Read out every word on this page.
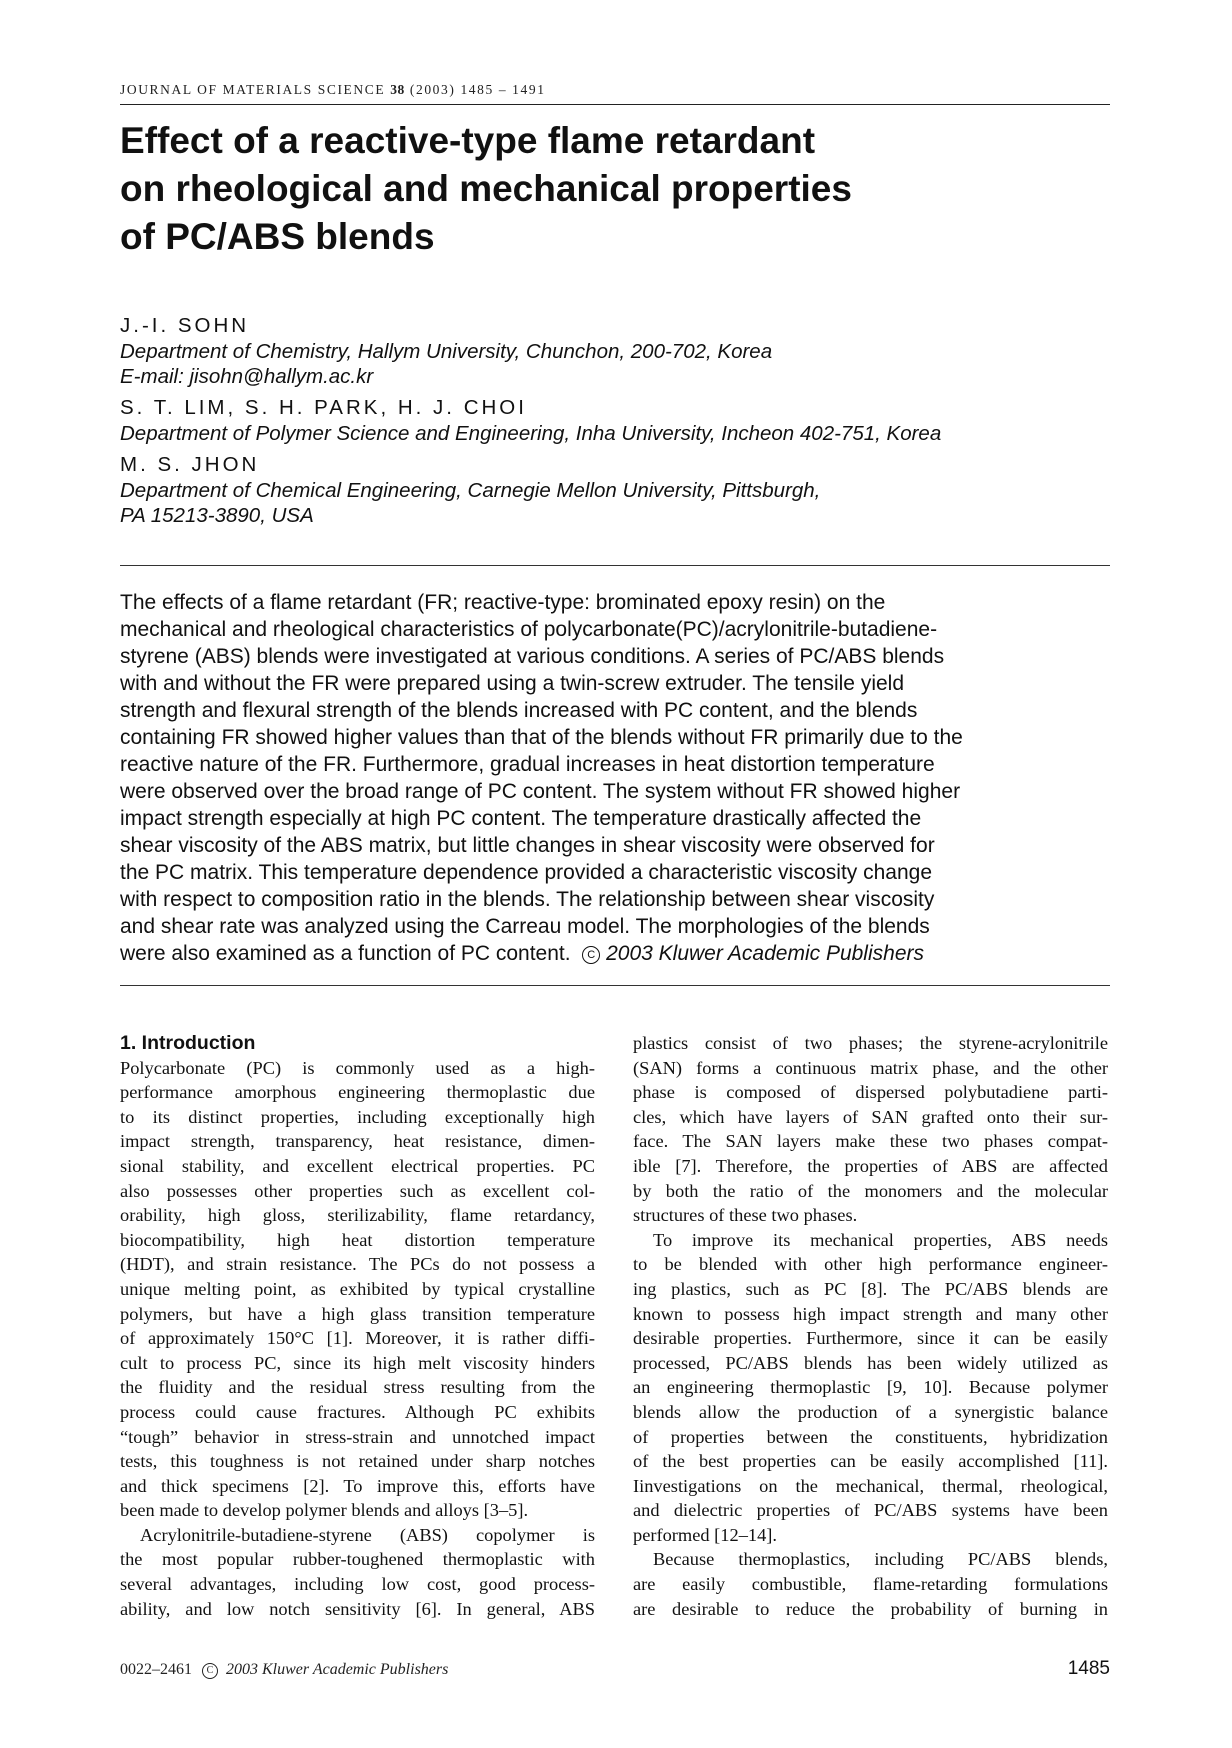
JOURNAL OF MATERIALS SCIENCE 38 (2003) 1485 – 1491
Effect of a reactive-type flame retardant
on rheological and mechanical properties
of PC/ABS blends
J.-I. SOHN
Department of Chemistry, Hallym University, Chunchon, 200-702, Korea
E-mail: jisohn@hallym.ac.kr
S. T. LIM, S. H. PARK, H. J. CHOI
Department of Polymer Science and Engineering, Inha University, Incheon 402-751, Korea
M. S. JHON
Department of Chemical Engineering, Carnegie Mellon University, Pittsburgh,
PA 15213-3890, USA
The effects of a flame retardant (FR; reactive-type: brominated epoxy resin) on the
mechanical and rheological characteristics of polycarbonate(PC)/acrylonitrile-butadiene-
styrene (ABS) blends were investigated at various conditions. A series of PC/ABS blends
with and without the FR were prepared using a twin-screw extruder. The tensile yield
strength and flexural strength of the blends increased with PC content, and the blends
containing FR showed higher values than that of the blends without FR primarily due to the
reactive nature of the FR. Furthermore, gradual increases in heat distortion temperature
were observed over the broad range of PC content. The system without FR showed higher
impact strength especially at high PC content. The temperature drastically affected the
shear viscosity of the ABS matrix, but little changes in shear viscosity were observed for
the PC matrix. This temperature dependence provided a characteristic viscosity change
with respect to composition ratio in the blends. The relationship between shear viscosity
and shear rate was analyzed using the Carreau model. The morphologies of the blends
were also examined as a function of PC content. C 2003 Kluwer Academic Publishers
1. Introduction
Polycarbonate (PC) is commonly used as a high-
performance amorphous engineering thermoplastic due
to its distinct properties, including exceptionally high
impact strength, transparency, heat resistance, dimen-
sional stability, and excellent electrical properties. PC
also possesses other properties such as excellent col-
orability, high gloss, sterilizability, flame retardancy,
biocompatibility, high heat distortion temperature
(HDT), and strain resistance. The PCs do not possess a
unique melting point, as exhibited by typical crystalline
polymers, but have a high glass transition temperature
of approximately 150°C [1]. Moreover, it is rather diffi-
cult to process PC, since its high melt viscosity hinders
the fluidity and the residual stress resulting from the
process could cause fractures. Although PC exhibits
“tough” behavior in stress-strain and unnotched impact
tests, this toughness is not retained under sharp notches
and thick specimens [2]. To improve this, efforts have
been made to develop polymer blends and alloys [3–5].
Acrylonitrile-butadiene-styrene (ABS) copolymer is
the most popular rubber-toughened thermoplastic with
several advantages, including low cost, good process-
ability, and low notch sensitivity [6]. In general, ABS
plastics consist of two phases; the styrene-acrylonitrile
(SAN) forms a continuous matrix phase, and the other
phase is composed of dispersed polybutadiene parti-
cles, which have layers of SAN grafted onto their sur-
face. The SAN layers make these two phases compat-
ible [7]. Therefore, the properties of ABS are affected
by both the ratio of the monomers and the molecular
structures of these two phases.
To improve its mechanical properties, ABS needs
to be blended with other high performance engineer-
ing plastics, such as PC [8]. The PC/ABS blends are
known to possess high impact strength and many other
desirable properties. Furthermore, since it can be easily
processed, PC/ABS blends has been widely utilized as
an engineering thermoplastic [9, 10]. Because polymer
blends allow the production of a synergistic balance
of properties between the constituents, hybridization
of the best properties can be easily accomplished [11].
Iinvestigations on the mechanical, thermal, rheological,
and dielectric properties of PC/ABS systems have been
performed [12–14].
Because thermoplastics, including PC/ABS blends,
are easily combustible, flame-retarding formulations
are desirable to reduce the probability of burning in
0022–2461 C 2003 Kluwer Academic Publishers	1485
